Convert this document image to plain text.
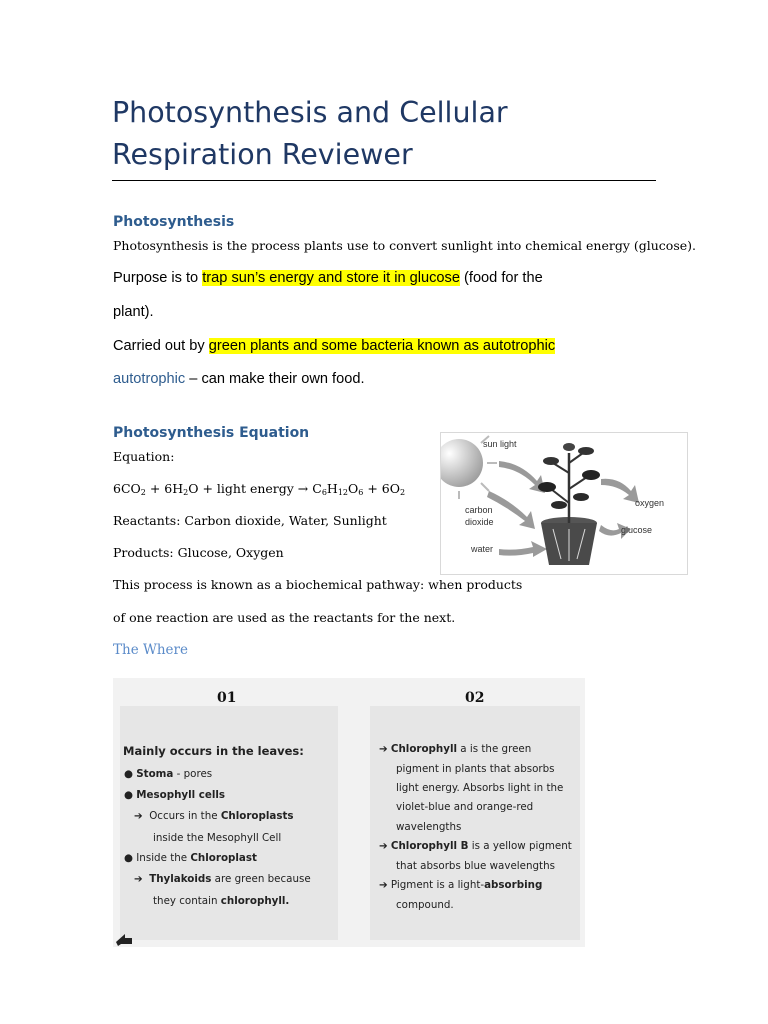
Photosynthesis and Cellular Respiration Reviewer
Photosynthesis
Photosynthesis is the process plants use to convert sunlight into chemical energy (glucose).
Purpose is to trap sun’s energy and store it in glucose (food for the
plant).
Carried out by green plants and some bacteria known as autotrophic
autotrophic – can make their own food.
Photosynthesis Equation
Equation:
$6CO_2 + 6H_2O$ + light energy → $C_6H_{12}O_6 + 6O_2$
Reactants: Carbon dioxide, Water, Sunlight
Products: Glucose, Oxygen
This process is known as a biochemical pathway: when products
of one reaction are used as the reactants for the next.
sun light
oxygen
carbon
dioxide
glucose
water
The Where
01
Mainly occurs in the leaves:
● Stoma - pores
● Mesophyll cells
➔  Occurs in the Chloroplasts
inside the Mesophyll Cell
● Inside the Chloroplast
➔  Thylakoids are green because
they contain chlorophyll.
02
➔ Chlorophyll a is the green
pigment in plants that absorbs
light energy. Absorbs light in the
violet-blue and orange-red
wavelengths
➔ Chlorophyll B is a yellow pigment
that absorbs blue wavelengths
➔ Pigment is a light-absorbing
compound.
